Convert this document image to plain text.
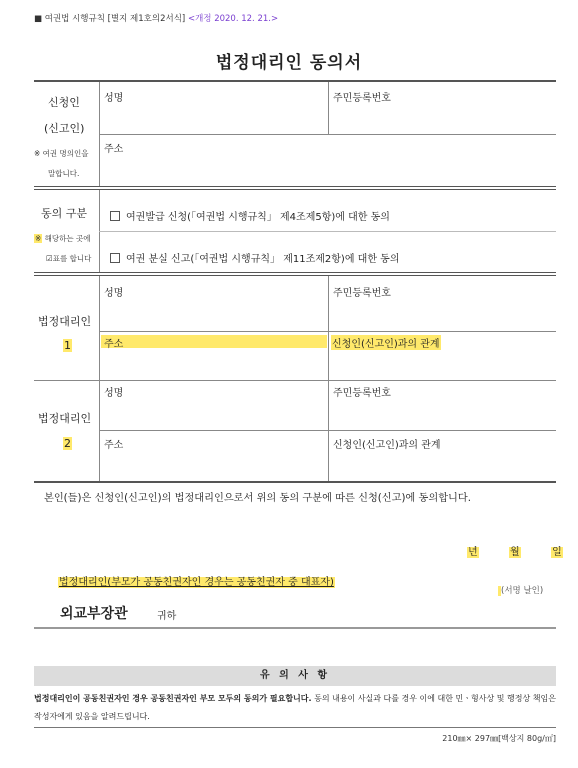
■ 여권법 시행규칙 [별지 제1호의2서식] <개정 2020. 12. 21.>
법정대리인 동의서
신청인
(신고인)
※ 여권 명의인을
말합니다.
성명	주민등록번호
주소
동의 구분
※ 해당하는 곳에
☑표를 합니다
여권발급 신청(「여권법 시행규칙」 제4조제5항)에 대한 동의
여권 분실 신고(「여권법 시행규칙」 제11조제2항)에 대한 동의
법정대리인
1
성명	주민등록번호
주소	신청인(신고인)과의 관계
법정대리인
2
성명	주민등록번호
주소	신청인(신고인)과의 관계
본인(들)은 신청인(신고인)의 법정대리인으로서 위의 동의 구분에 따른 신청(신고)에 동의합니다.
년	월	일
법정대리인(부모가 공동친권자인 경우는 공동친권자 중 대표자)
(서명 날인)
외교부장관	귀하
유 의 사 항
법정대리인이 공동친권자인 경우 공동친권자인 부모 모두의 동의가 필요합니다. 동의 내용이 사실과 다를 경우 이에 대한 민ㆍ형사상 및 행정상 책임은 작성자에게 있음을 알려드립니다.
210㎜× 297㎜[백상지 80g/㎡]
